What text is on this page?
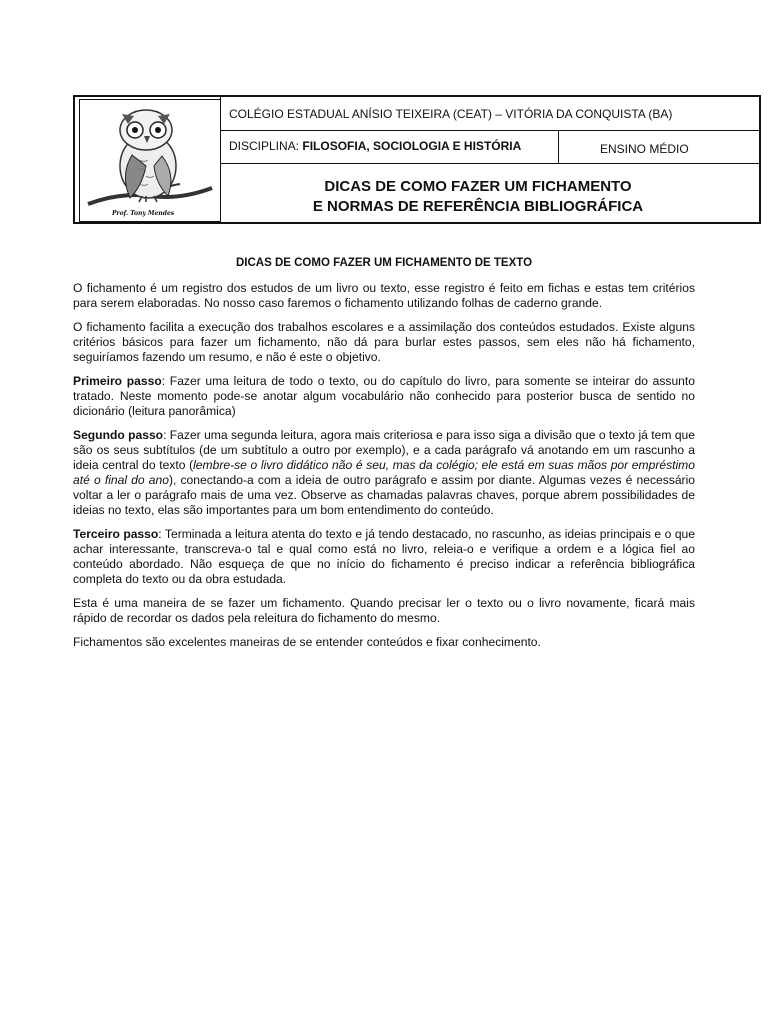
Prof. Tony Mendes
COLÉGIO ESTADUAL ANÍSIO TEIXEIRA (CEAT) – VITÓRIA DA CONQUISTA (BA)
DISCIPLINA: FILOSOFIA, SOCIOLOGIA E HISTÓRIA	ENSINO MÉDIO
DICAS DE COMO FAZER UM FICHAMENTO
E NORMAS DE REFERÊNCIA BIBLIOGRÁFICA
DICAS DE COMO FAZER UM FICHAMENTO DE TEXTO

O fichamento é um registro dos estudos de um livro ou texto, esse registro é feito em fichas e estas tem critérios para serem elaboradas. No nosso caso faremos o fichamento utilizando folhas de caderno grande.

O fichamento facilita a execução dos trabalhos escolares e a assimilação dos conteúdos estudados. Existe alguns critérios básicos para fazer um fichamento, não dá para burlar estes passos, sem eles não há fichamento, seguiríamos fazendo um resumo, e não é este o objetivo.

Primeiro passo: Fazer uma leitura de todo o texto, ou do capítulo do livro, para somente se inteirar do assunto tratado. Neste momento pode-se anotar algum vocabulário não conhecido para posterior busca de sentido no dicionário (leitura panorâmica)

Segundo passo: Fazer uma segunda leitura, agora mais criteriosa e para isso siga a divisão que o texto já tem que são os seus subtítulos (de um subtítulo a outro por exemplo), e a cada parágrafo vá anotando em um rascunho a ideia central do texto (lembre-se o livro didático não é seu, mas da colégio; ele está em suas mãos por empréstimo até o final do ano), conectando-a com a ideia de outro parágrafo e assim por diante. Algumas vezes é necessário voltar a ler o parágrafo mais de uma vez. Observe as chamadas palavras chaves, porque abrem possibilidades de ideias no texto, elas são importantes para um bom entendimento do conteúdo.

Terceiro passo: Terminada a leitura atenta do texto e já tendo destacado, no rascunho, as ideias principais e o que achar interessante, transcreva-o tal e qual como está no livro, releia-o e verifique a ordem e a lógica fiel ao conteúdo abordado. Não esqueça de que no início do fichamento é preciso indicar a referência bibliográfica completa do texto ou da obra estudada.

Esta é uma maneira de se fazer um fichamento. Quando precisar ler o texto ou o livro novamente, ficará mais rápido de recordar os dados pela releitura do fichamento do mesmo.

Fichamentos são excelentes maneiras de se entender conteúdos e fixar conhecimento.
